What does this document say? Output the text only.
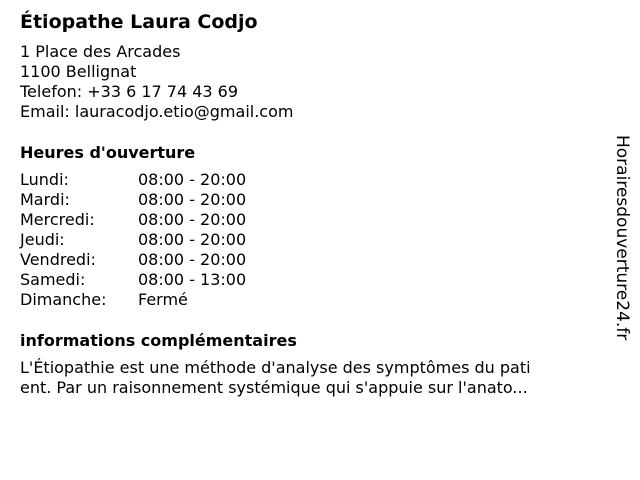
Étiopathe Laura Codjo
1 Place des Arcades
1100 Bellignat
Telefon: +33 6 17 74 43 69
Email: lauracodjo.etio@gmail.com
Heures d'ouverture
Lundi:	08:00 - 20:00
Mardi:	08:00 - 20:00
Mercredi:	08:00 - 20:00
Jeudi:	08:00 - 20:00
Vendredi:	08:00 - 20:00
Samedi:	08:00 - 13:00
Dimanche:	Fermé
informations complémentaires
L'Étiopathie est une méthode d'analyse des symptômes du pati
ent. Par un raisonnement systémique qui s'appuie sur l'anato...
Horairesdouverture24.fr
